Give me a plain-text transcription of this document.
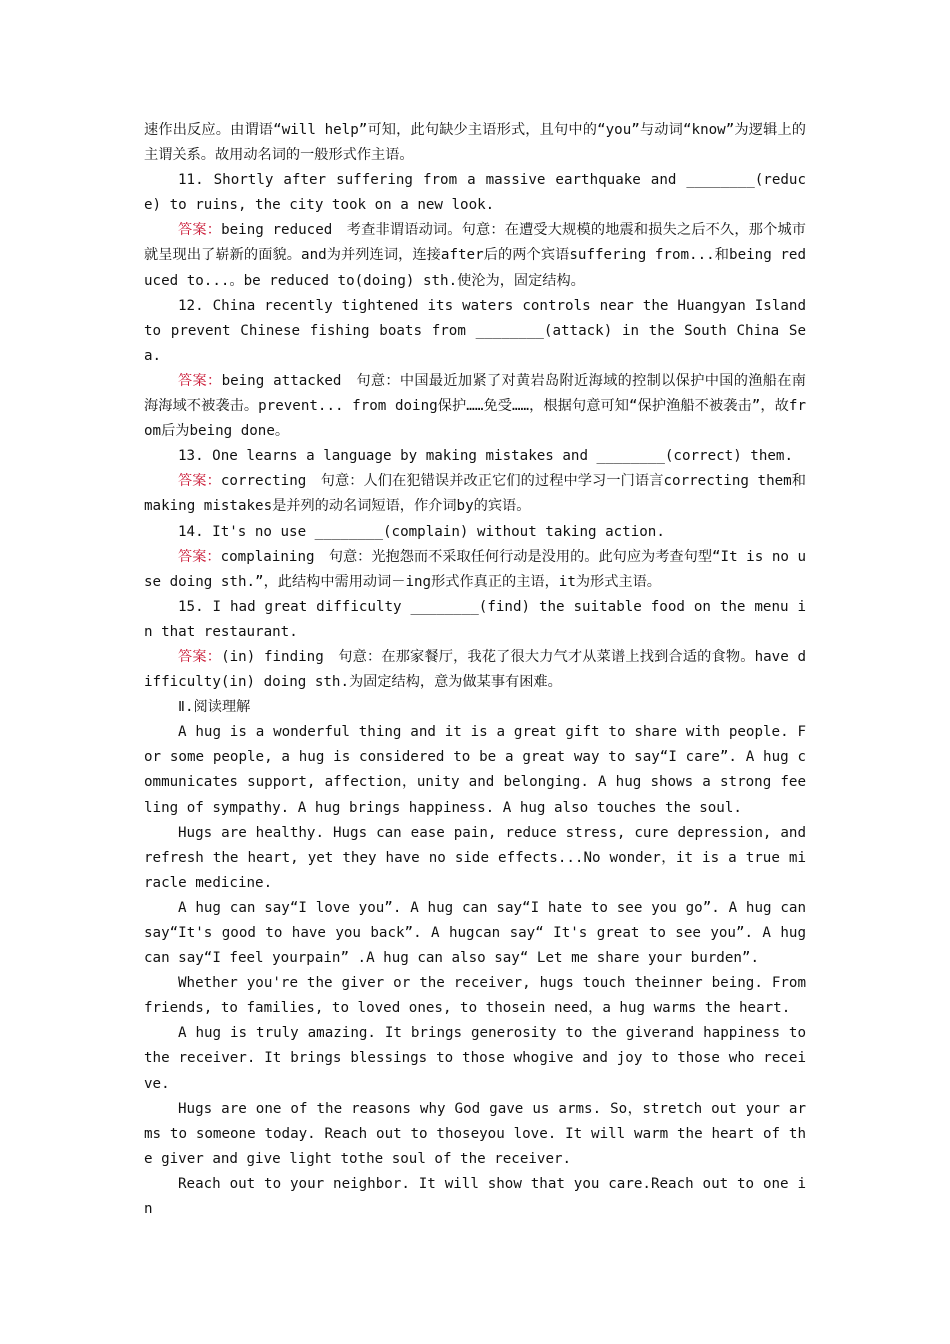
速作出反应。由谓语“will help”可知，此句缺少主语形式，且句中的“you”与动词“know”为逻辑上的主谓关系。故用动名词的一般形式作主语。

11. Shortly after suffering from a massive earthquake and ________(reduce) to ruins, the city took on a new look.

答案：being reduced　考查非谓语动词。句意：在遭受大规模的地震和损失之后不久，那个城市就呈现出了崭新的面貌。and为并列连词，连接after后的两个宾语suffering from...和being reduced to...。be reduced to(doing) sth.使沦为，固定结构。

12. China recently tightened its waters controls near the Huangyan Island to prevent Chinese fishing boats from ________(attack) in the South China Sea.

答案：being attacked　句意：中国最近加紧了对黄岩岛附近海域的控制以保护中国的渔船在南海海域不被袭击。prevent... from doing保护……免受……，根据句意可知“保护渔船不被袭击”，故from后为being done。

13. One learns a language by making mistakes and ________(correct) them.

答案：correcting　句意：人们在犯错误并改正它们的过程中学习一门语言correcting them和making mistakes是并列的动名词短语，作介词by的宾语。

14. It's no use ________(complain) without taking action.

答案：complaining　句意：光抱怨而不采取任何行动是没用的。此句应为考查句型“It is no use doing sth.”，此结构中需用动词－ing形式作真正的主语，it为形式主语。

15. I had great difficulty ________(find) the suitable food on the menu in that restaurant.

答案：(in) finding　句意：在那家餐厅，我花了很大力气才从菜谱上找到合适的食物。have difficulty(in) doing sth.为固定结构，意为做某事有困难。

Ⅱ.阅读理解

A hug is a wonderful thing and it is a great gift to share with people. For some people, a hug is considered to be a great way to say“I care”. A hug communicates support, affection，unity and belonging. A hug shows a strong feeling of sympathy. A hug brings happiness. A hug also touches the soul.

Hugs are healthy. Hugs can ease pain, reduce stress, cure depression, and refresh the heart, yet they have no side effects...No wonder，it is a true miracle medicine.

A hug can say“I love you”. A hug can say“I hate to see you go”. A hug can say“It's good to have you back”. A hugcan say“ It's great to see you”. A hug can say“I feel yourpain” .A hug can also say“ Let me share your burden”.

Whether you're the giver or the receiver, hugs touch theinner being. From friends, to families, to loved ones, to thosein need，a hug warms the heart.

A hug is truly amazing. It brings generosity to the giverand happiness to the receiver. It brings blessings to those whogive and joy to those who receive.

Hugs are one of the reasons why God gave us arms. So，stretch out your arms to someone today. Reach out to thoseyou love. It will warm the heart of the giver and give light tothe soul of the receiver.

Reach out to your neighbor. It will show that you care.Reach out to one in
